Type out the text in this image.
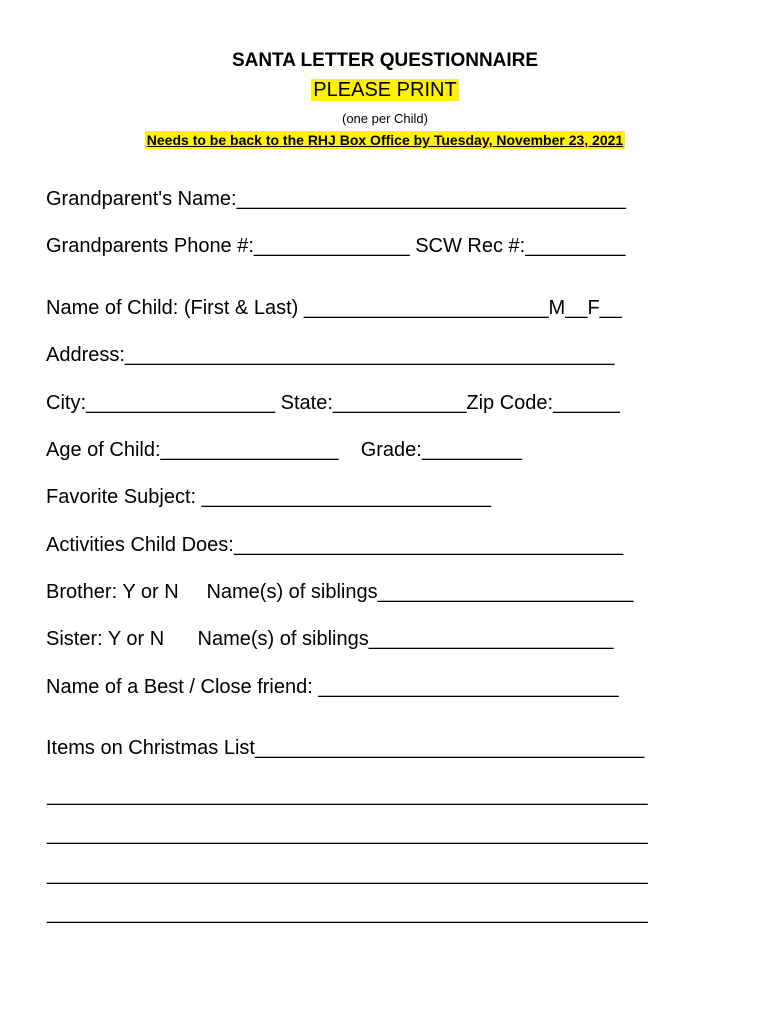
SANTA LETTER QUESTIONNAIRE
PLEASE PRINT
(one per Child)
Needs to be back to the RHJ Box Office by Tuesday, November 23, 2021
Grandparent's Name:___________________________________
Grandparents Phone #:______________ SCW Rec #:_________
Name of Child: (First & Last) ______________________M__F__
Address:____________________________________________
City:_________________ State:____________Zip Code:______
Age of Child:________________    Grade:_________
Favorite Subject: __________________________
Activities Child Does:___________________________________
Brother: Y or N     Name(s) of siblings_______________________
Sister: Y or N      Name(s) of siblings______________________
Name of a Best / Close friend: ___________________________
Items on Christmas List___________________________________
______________________________________________________
______________________________________________________
______________________________________________________
______________________________________________________
